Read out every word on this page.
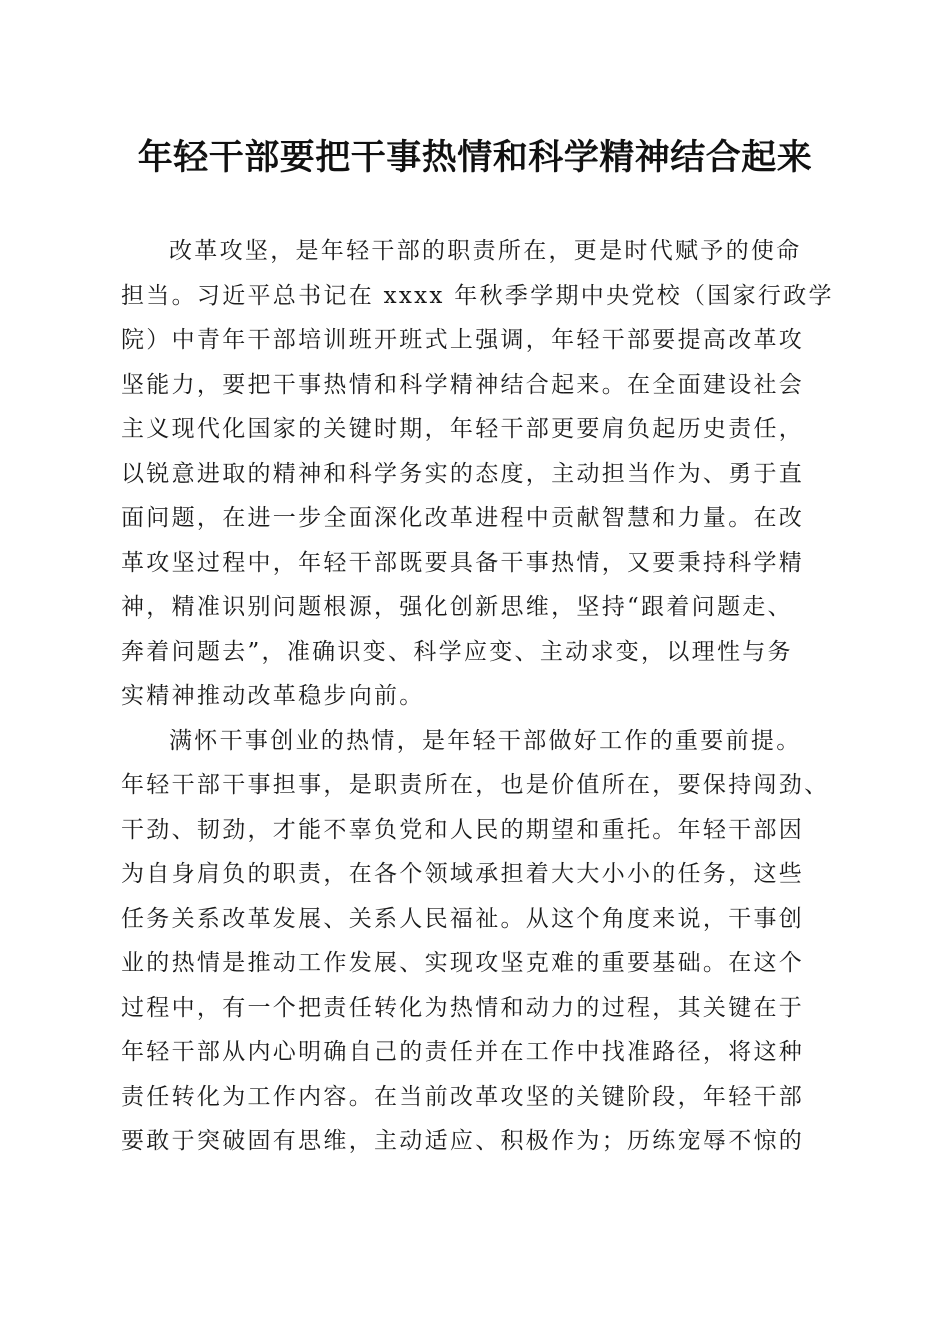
年轻干部要把干事热情和科学精神结合起来
改革攻坚，是年轻干部的职责所在，更是时代赋予的使命
担当。习近平总书记在 xxxx 年秋季学期中央党校（国家行政学
院）中青年干部培训班开班式上强调，年轻干部要提高改革攻
坚能力，要把干事热情和科学精神结合起来。在全面建设社会
主义现代化国家的关键时期，年轻干部更要肩负起历史责任，
以锐意进取的精神和科学务实的态度，主动担当作为、勇于直
面问题，在进一步全面深化改革进程中贡献智慧和力量。在改
革攻坚过程中，年轻干部既要具备干事热情，又要秉持科学精
神，精准识别问题根源，强化创新思维，坚持“跟着问题走、
奔着问题去”，准确识变、科学应变、主动求变，以理性与务
实精神推动改革稳步向前。
满怀干事创业的热情，是年轻干部做好工作的重要前提。
年轻干部干事担事，是职责所在，也是价值所在，要保持闯劲、
干劲、韧劲，才能不辜负党和人民的期望和重托。年轻干部因
为自身肩负的职责，在各个领域承担着大大小小的任务，这些
任务关系改革发展、关系人民福祉。从这个角度来说，干事创
业的热情是推动工作发展、实现攻坚克难的重要基础。在这个
过程中，有一个把责任转化为热情和动力的过程，其关键在于
年轻干部从内心明确自己的责任并在工作中找准路径，将这种
责任转化为工作内容。在当前改革攻坚的关键阶段，年轻干部
要敢于突破固有思维，主动适应、积极作为；历练宠辱不惊的
